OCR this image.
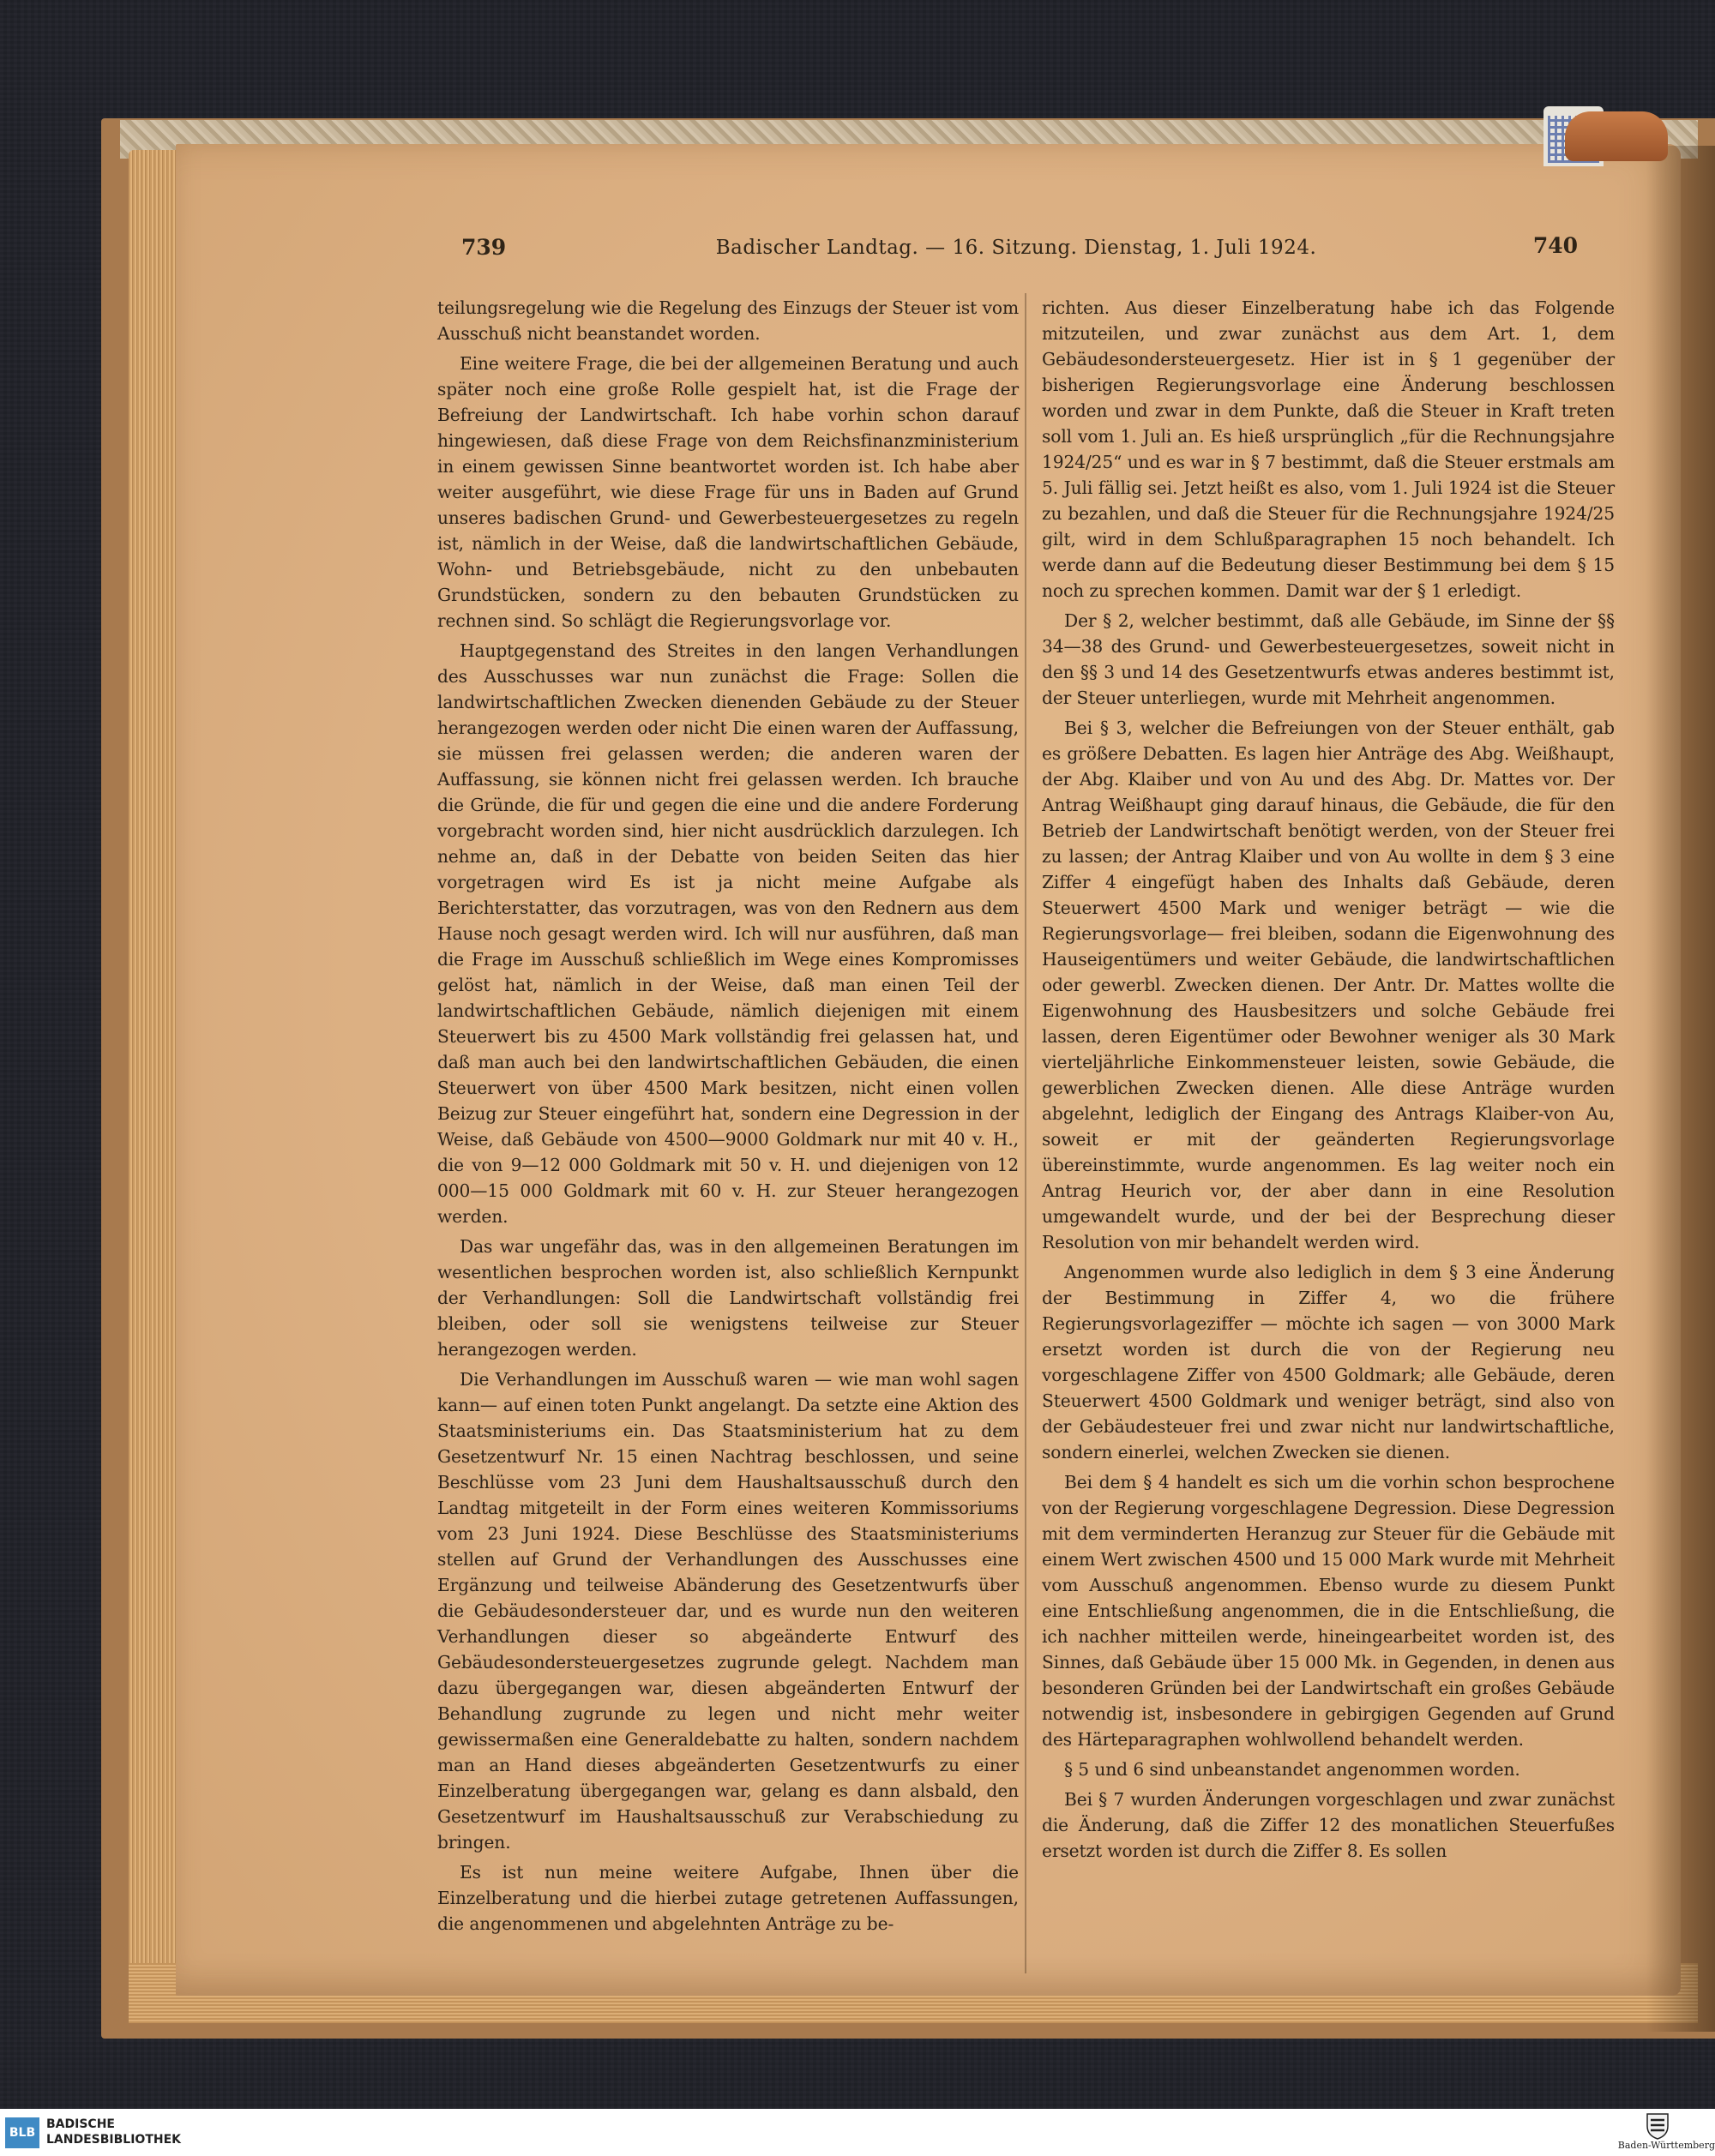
739	Badischer Landtag. — 16. Sitzung. Dienstag, 1. Juli 1924.	740

teilungsregelung wie die Regelung des Einzugs der Steuer ist vom Ausschuß nicht beanstandet worden.

Eine weitere Frage, die bei der allgemeinen Beratung und auch später noch eine große Rolle gespielt hat, ist die Frage der Befreiung der Landwirtschaft. Ich habe vorhin schon darauf hingewiesen, daß diese Frage von dem Reichsfinanzministerium in einem gewissen Sinne beantwortet worden ist. Ich habe aber weiter ausgeführt, wie diese Frage für uns in Baden auf Grund unseres badischen Grund- und Gewerbesteuergesetzes zu regeln ist, nämlich in der Weise, daß die landwirtschaftlichen Gebäude, Wohn- und Betriebsgebäude, nicht zu den unbebauten Grundstücken, sondern zu den bebauten Grundstücken zu rechnen sind. So schlägt die Regierungsvorlage vor.

Hauptgegenstand des Streites in den langen Verhandlungen des Ausschusses war nun zunächst die Frage: Sollen die landwirtschaftlichen Zwecken dienenden Gebäude zu der Steuer herangezogen werden oder nicht Die einen waren der Auffassung, sie müssen frei gelassen werden; die anderen waren der Auffassung, sie können nicht frei gelassen werden. Ich brauche die Gründe, die für und gegen die eine und die andere Forderung vorgebracht worden sind, hier nicht ausdrücklich darzulegen. Ich nehme an, daß in der Debatte von beiden Seiten das hier vorgetragen wird Es ist ja nicht meine Aufgabe als Berichterstatter, das vorzutragen, was von den Rednern aus dem Hause noch gesagt werden wird. Ich will nur ausführen, daß man die Frage im Ausschuß schließlich im Wege eines Kompromisses gelöst hat, nämlich in der Weise, daß man einen Teil der landwirtschaftlichen Gebäude, nämlich diejenigen mit einem Steuerwert bis zu 4500 Mark vollständig frei gelassen hat, und daß man auch bei den landwirtschaftlichen Gebäuden, die einen Steuerwert von über 4500 Mark besitzen, nicht einen vollen Beizug zur Steuer eingeführt hat, sondern eine Degression in der Weise, daß Gebäude von 4500—9000 Goldmark nur mit 40 v. H., die von 9—12 000 Goldmark mit 50 v. H. und diejenigen von 12 000—15 000 Goldmark mit 60 v. H. zur Steuer herangezogen werden.

Das war ungefähr das, was in den allgemeinen Beratungen im wesentlichen besprochen worden ist, also schließlich Kernpunkt der Verhandlungen: Soll die Landwirtschaft vollständig frei bleiben, oder soll sie wenigstens teilweise zur Steuer herangezogen werden.

Die Verhandlungen im Ausschuß waren — wie man wohl sagen kann— auf einen toten Punkt angelangt. Da setzte eine Aktion des Staatsministeriums ein. Das Staatsministerium hat zu dem Gesetzentwurf Nr. 15 einen Nachtrag beschlossen, und seine Beschlüsse vom 23 Juni dem Haushaltsausschuß durch den Landtag mitgeteilt in der Form eines weiteren Kommissoriums vom 23 Juni 1924. Diese Beschlüsse des Staatsministeriums stellen auf Grund der Verhandlungen des Ausschusses eine Ergänzung und teilweise Abänderung des Gesetzentwurfs über die Gebäudesondersteuer dar, und es wurde nun den weiteren Verhandlungen dieser so abgeänderte Entwurf des Gebäudesondersteuergesetzes zugrunde gelegt. Nachdem man dazu übergegangen war, diesen abgeänderten Entwurf der Behandlung zugrunde zu legen und nicht mehr weiter gewissermaßen eine Generaldebatte zu halten, sondern nachdem man an Hand dieses abgeänderten Gesetzentwurfs zu einer Einzelberatung übergegangen war, gelang es dann alsbald, den Gesetzentwurf im Haushaltsausschuß zur Verabschiedung zu bringen.

Es ist nun meine weitere Aufgabe, Ihnen über die Einzelberatung und die hierbei zutage getretenen Auffassungen, die angenommenen und abgelehnten Anträge zu be-

richten. Aus dieser Einzelberatung habe ich das Folgende mitzuteilen, und zwar zunächst aus dem Art. 1, dem Gebäudesondersteuergesetz. Hier ist in § 1 gegenüber der bisherigen Regierungsvorlage eine Änderung beschlossen worden und zwar in dem Punkte, daß die Steuer in Kraft treten soll vom 1. Juli an. Es hieß ursprünglich „für die Rechnungsjahre 1924/25“ und es war in § 7 bestimmt, daß die Steuer erstmals am 5. Juli fällig sei. Jetzt heißt es also, vom 1. Juli 1924 ist die Steuer zu bezahlen, und daß die Steuer für die Rechnungsjahre 1924/25 gilt, wird in dem Schlußparagraphen 15 noch behandelt. Ich werde dann auf die Bedeutung dieser Bestimmung bei dem § 15 noch zu sprechen kommen. Damit war der § 1 erledigt.

Der § 2, welcher bestimmt, daß alle Gebäude, im Sinne der §§ 34—38 des Grund- und Gewerbesteuergesetzes, soweit nicht in den §§ 3 und 14 des Gesetzentwurfs etwas anderes bestimmt ist, der Steuer unterliegen, wurde mit Mehrheit angenommen.

Bei § 3, welcher die Befreiungen von der Steuer enthält, gab es größere Debatten. Es lagen hier Anträge des Abg. Weißhaupt, der Abg. Klaiber und von Au und des Abg. Dr. Mattes vor. Der Antrag Weißhaupt ging darauf hinaus, die Gebäude, die für den Betrieb der Landwirtschaft benötigt werden, von der Steuer frei zu lassen; der Antrag Klaiber und von Au wollte in dem § 3 eine Ziffer 4 eingefügt haben des Inhalts daß Gebäude, deren Steuerwert 4500 Mark und weniger beträgt — wie die Regierungsvorlage— frei bleiben, sodann die Eigenwohnung des Hauseigentümers und weiter Gebäude, die landwirtschaftlichen oder gewerbl. Zwecken dienen. Der Antr. Dr. Mattes wollte die Eigenwohnung des Hausbesitzers und solche Gebäude frei lassen, deren Eigentümer oder Bewohner weniger als 30 Mark vierteljährliche Einkommensteuer leisten, sowie Gebäude, die gewerblichen Zwecken dienen. Alle diese Anträge wurden abgelehnt, lediglich der Eingang des Antrags Klaiber-von Au, soweit er mit der geänderten Regierungsvorlage übereinstimmte, wurde angenommen. Es lag weiter noch ein Antrag Heurich vor, der aber dann in eine Resolution umgewandelt wurde, und der bei der Besprechung dieser Resolution von mir behandelt werden wird.

Angenommen wurde also lediglich in dem § 3 eine Änderung der Bestimmung in Ziffer 4, wo die frühere Regierungsvorlageziffer — möchte ich sagen — von 3000 Mark ersetzt worden ist durch die von der Regierung neu vorgeschlagene Ziffer von 4500 Goldmark; alle Gebäude, deren Steuerwert 4500 Goldmark und weniger beträgt, sind also von der Gebäudesteuer frei und zwar nicht nur landwirtschaftliche, sondern einerlei, welchen Zwecken sie dienen.

Bei dem § 4 handelt es sich um die vorhin schon besprochene von der Regierung vorgeschlagene Degression. Diese Degression mit dem verminderten Heranzug zur Steuer für die Gebäude mit einem Wert zwischen 4500 und 15 000 Mark wurde mit Mehrheit vom Ausschuß angenommen. Ebenso wurde zu diesem Punkt eine Entschließung angenommen, die in die Entschließung, die ich nachher mitteilen werde, hineingearbeitet worden ist, des Sinnes, daß Gebäude über 15 000 Mk. in Gegenden, in denen aus besonderen Gründen bei der Landwirtschaft ein großes Gebäude notwendig ist, insbesondere in gebirgigen Gegenden auf Grund des Härteparagraphen wohlwollend behandelt werden.

§ 5 und 6 sind unbeanstandet angenommen worden.

Bei § 7 wurden Änderungen vorgeschlagen und zwar zunächst die Änderung, daß die Ziffer 12 des monatlichen Steuerfußes ersetzt worden ist durch die Ziffer 8. Es sollen

BLB
BADISCHE
LANDESBIBLIOTHEK	Baden-Württemberg
